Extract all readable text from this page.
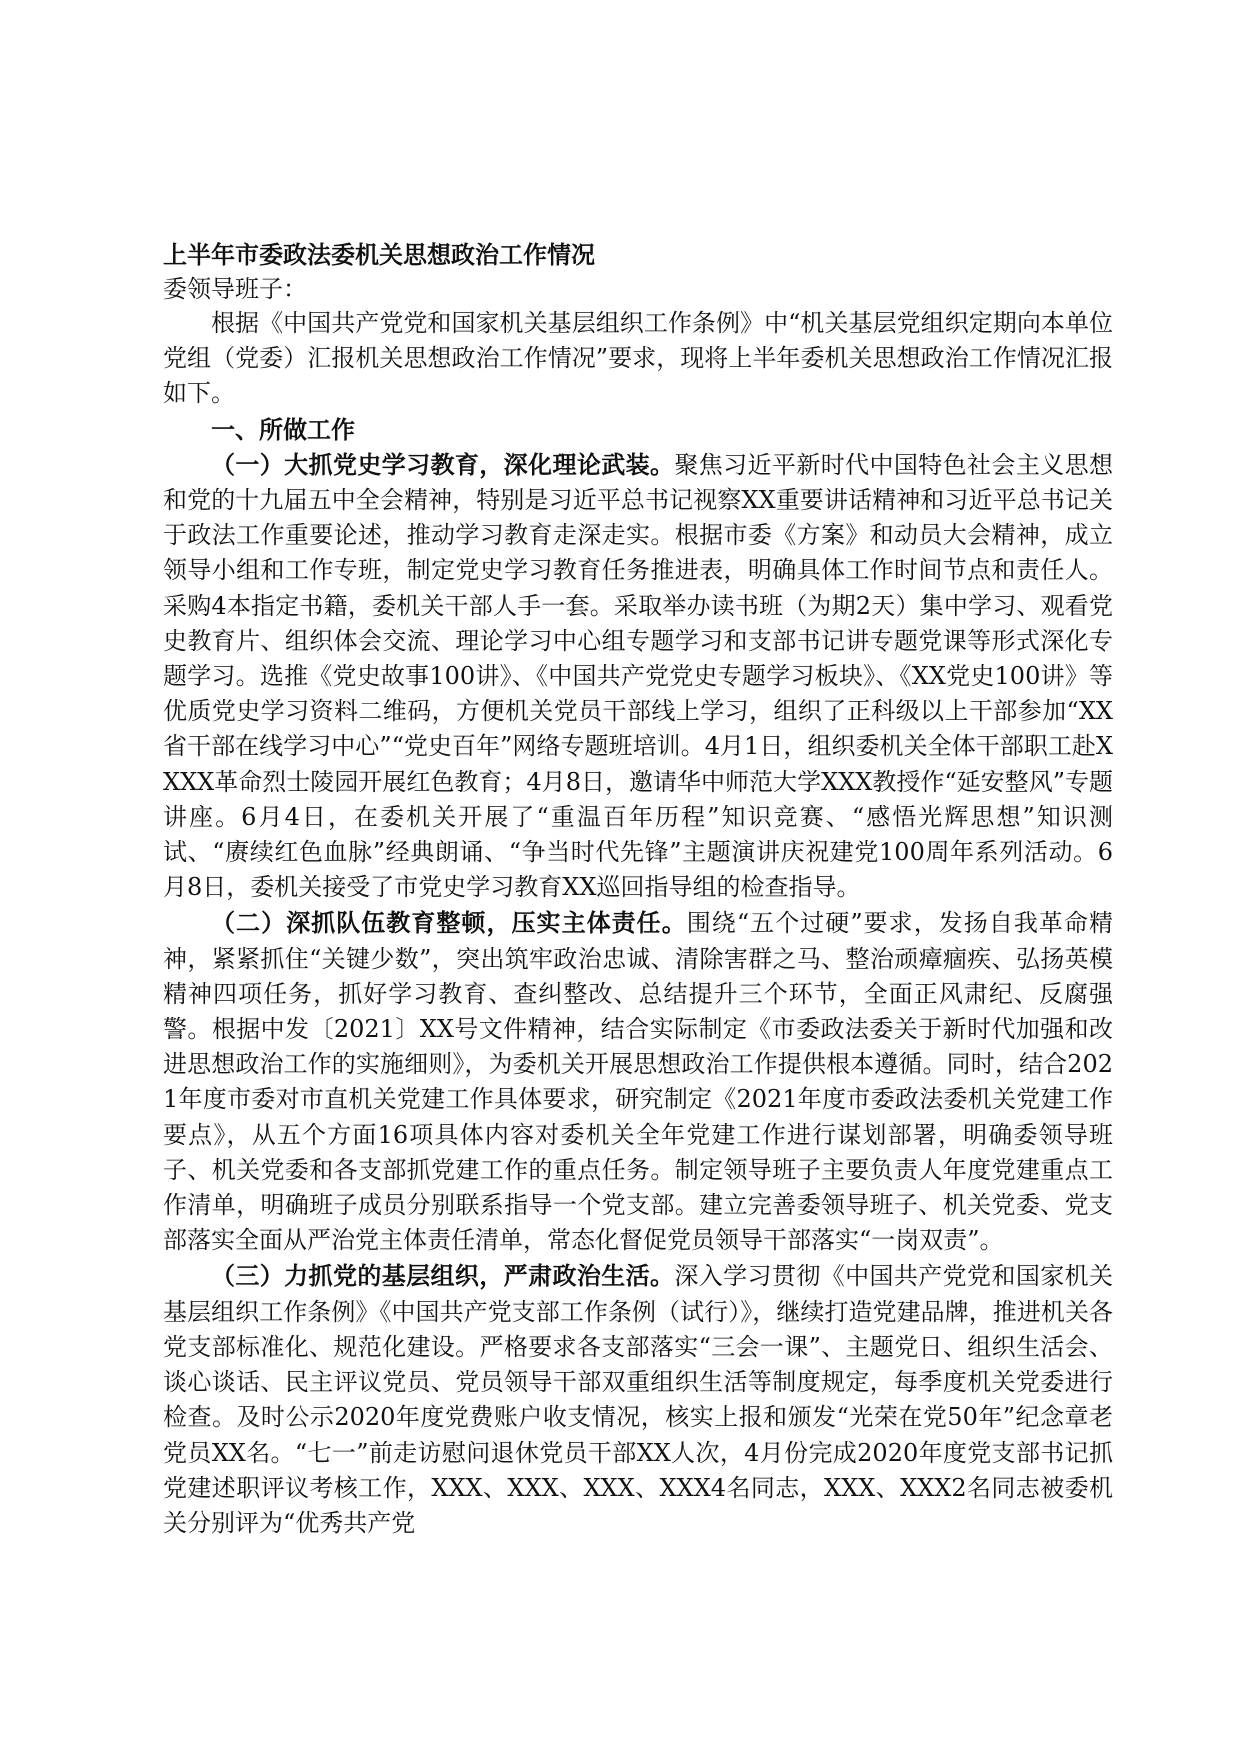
上半年市委政法委机关思想政治工作情况

委领导班子：

根据《中国共产党党和国家机关基层组织工作条例》中“机关基层党组织定期向本单位党组（党委）汇报机关思想政治工作情况”要求，现将上半年委机关思想政治工作情况汇报如下。

一、所做工作

（一）大抓党史学习教育，深化理论武装。聚焦习近平新时代中国特色社会主义思想和党的十九届五中全会精神，特别是习近平总书记视察XX重要讲话精神和习近平总书记关于政法工作重要论述，推动学习教育走深走实。根据市委《方案》和动员大会精神，成立领导小组和工作专班，制定党史学习教育任务推进表，明确具体工作时间节点和责任人。采购4本指定书籍，委机关干部人手一套。采取举办读书班（为期2天）集中学习、观看党史教育片、组织体会交流、理论学习中心组专题学习和支部书记讲专题党课等形式深化专题学习。选推《党史故事100讲》、《中国共产党党史专题学习板块》、《XX党史100讲》等优质党史学习资料二维码，方便机关党员干部线上学习，组织了正科级以上干部参加“XX省干部在线学习中心”“党史百年”网络专题班培训。4月1日，组织委机关全体干部职工赴XXXX革命烈士陵园开展红色教育；4月8日，邀请华中师范大学XXX教授作“延安整风”专题讲座。6月4日，在委机关开展了“重温百年历程”知识竞赛、“感悟光辉思想”知识测试、“赓续红色血脉”经典朗诵、“争当时代先锋”主题演讲庆祝建党100周年系列活动。6月8日，委机关接受了市党史学习教育XX巡回指导组的检查指导。

（二）深抓队伍教育整顿，压实主体责任。围绕“五个过硬”要求，发扬自我革命精神，紧紧抓住“关键少数”，突出筑牢政治忠诚、清除害群之马、整治顽瘴痼疾、弘扬英模精神四项任务，抓好学习教育、查纠整改、总结提升三个环节，全面正风肃纪、反腐强警。根据中发〔2021〕XX号文件精神，结合实际制定《市委政法委关于新时代加强和改进思想政治工作的实施细则》，为委机关开展思想政治工作提供根本遵循。同时，结合2021年度市委对市直机关党建工作具体要求，研究制定《2021年度市委政法委机关党建工作要点》，从五个方面16项具体内容对委机关全年党建工作进行谋划部署，明确委领导班子、机关党委和各支部抓党建工作的重点任务。制定领导班子主要负责人年度党建重点工作清单，明确班子成员分别联系指导一个党支部。建立完善委领导班子、机关党委、党支部落实全面从严治党主体责任清单，常态化督促党员领导干部落实“一岗双责”。

（三）力抓党的基层组织，严肃政治生活。深入学习贯彻《中国共产党党和国家机关基层组织工作条例》《中国共产党支部工作条例（试行）》，继续打造党建品牌，推进机关各党支部标准化、规范化建设。严格要求各支部落实“三会一课”、主题党日、组织生活会、谈心谈话、民主评议党员、党员领导干部双重组织生活等制度规定，每季度机关党委进行检查。及时公示2020年度党费账户收支情况，核实上报和颁发“光荣在党50年”纪念章老党员XX名。“七一”前走访慰问退休党员干部XX人次，4月份完成2020年度党支部书记抓党建述职评议考核工作，XXX、XXX、XXX、XXX4名同志，XXX、XXX2名同志被委机关分别评为“优秀共产党
